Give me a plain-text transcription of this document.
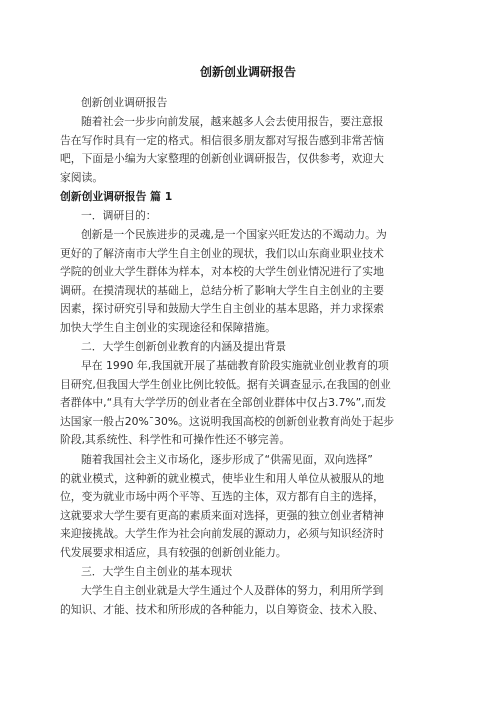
创新创业调研报告
创新创业调研报告
随着社会一步步向前发展，越来越多人会去使用报告，要注意报
告在写作时具有一定的格式。相信很多朋友都对写报告感到非常苦恼
吧，下面是小编为大家整理的创新创业调研报告，仅供参考，欢迎大
家阅读。
创新创业调研报告 篇 1
一．调研目的：
创新是一个民族进步的灵魂,是一个国家兴旺发达的不竭动力。为
更好的了解济南市大学生自主创业的现状，我们以山东商业职业技术
学院的创业大学生群体为样本，对本校的大学生创业情况进行了实地
调研。在摸清现状的基础上，总结分析了影响大学生自主创业的主要
因素，探讨研究引导和鼓励大学生自主创业的基本思路，并力求探索
加快大学生自主创业的实现途径和保障措施。
二．大学生创新创业教育的内涵及提出背景
早在 1990 年,我国就开展了基础教育阶段实施就业创业教育的项
目研究,但我国大学生创业比例比较低。据有关调查显示,在我国的创业
者群体中,“具有大学学历的创业者在全部创业群体中仅占3.7%”,而发
达国家一般占20%¯30%。这说明我国高校的创新创业教育尚处于起步
阶段,其系统性、科学性和可操作性还不够完善。
随着我国社会主义市场化，逐步形成了“供需见面，双向选择”
的就业模式，这种新的就业模式，使毕业生和用人单位从被服从的地
位，变为就业市场中两个平等、互选的主体，双方都有自主的选择，
这就要求大学生要有更高的素质来面对选择，更强的独立创业者精神
来迎接挑战。大学生作为社会向前发展的源动力，必须与知识经济时
代发展要求相适应，具有较强的创新创业能力。
三．大学生自主创业的基本现状
大学生自主创业就是大学生通过个人及群体的努力，利用所学到
的知识、才能、技术和所形成的各种能力，以自筹资金、技术入股、
